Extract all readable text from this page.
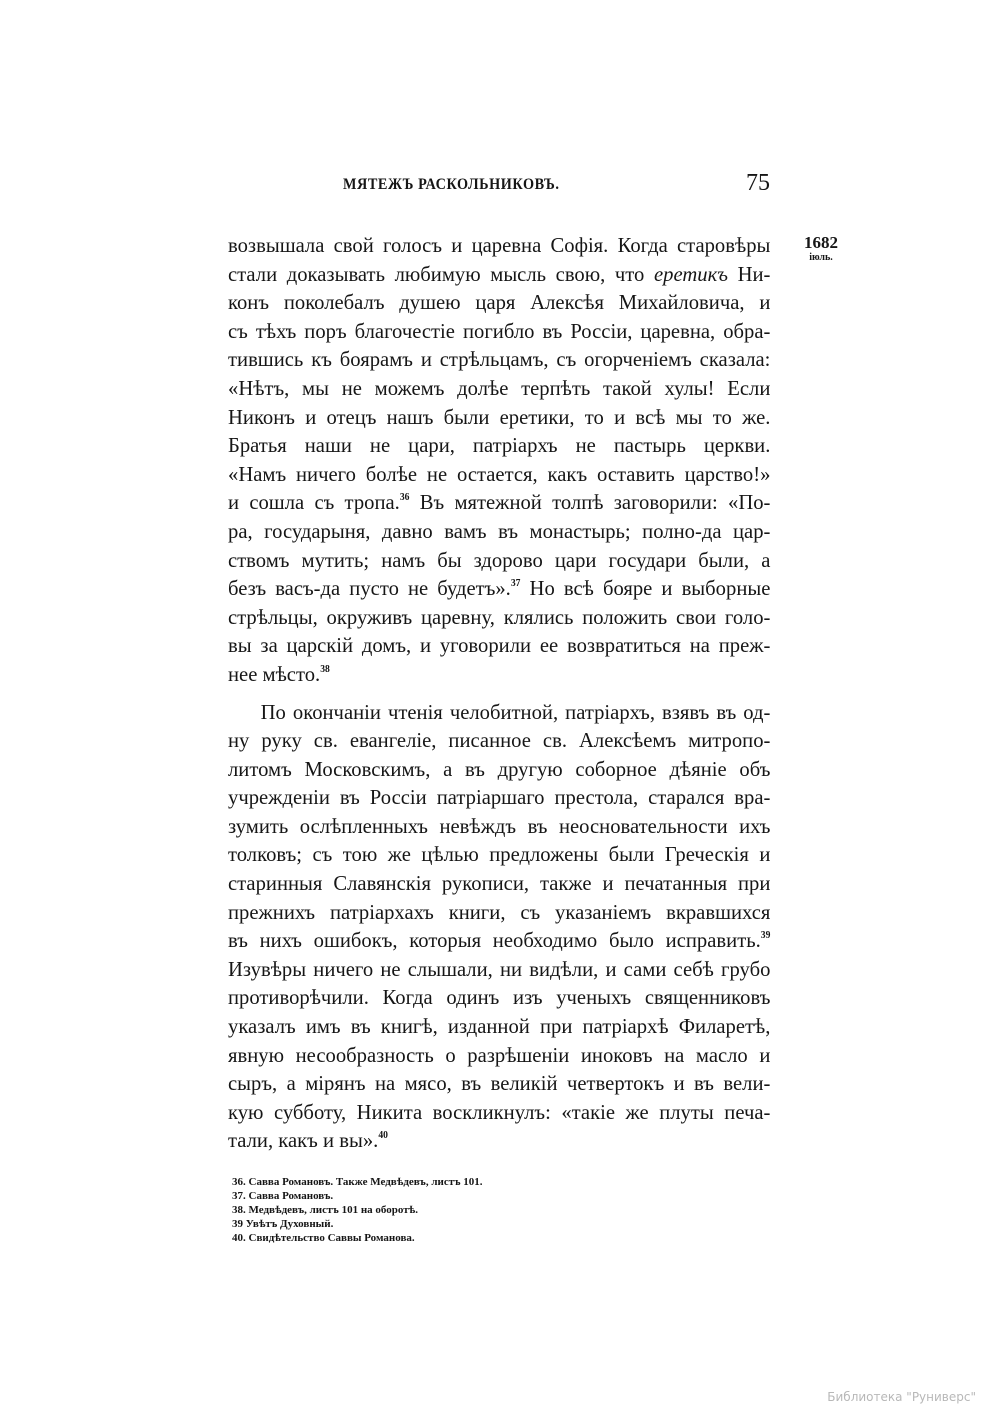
МЯТЕЖЪ РАСКОЛЬНИКОВЪ.	75
1682
іюль.
возвышала свой голосъ и царевна Софія. Когда старовѣры
стали доказывать любимую мысль свою, что еретикъ Ни-
конъ поколебалъ душею царя Алексѣя Михайловича, и
съ тѣхъ поръ благочестіе погибло въ Россіи, царевна, обра-
тившись къ боярамъ и стрѣльцамъ, съ огорченіемъ сказала:
«Нѣтъ, мы не можемъ долѣе терпѣть такой хулы! Если
Никонъ и отецъ нашъ были еретики, то и всѣ мы то же.
Братья наши не цари, патріархъ не пастырь церкви.
«Намъ ничего болѣе не остается, какъ оставить царство!»
и сошла съ тропа.$^{36}$ Въ мятежной толпѣ заговорили: «По-
ра, государыня, давно вамъ въ монастырь; полно-да цар-
ствомъ мутить; намъ бы здорово цари государи были, а
безъ васъ-да пусто не будетъ».$^{37}$ Но всѣ бояре и выборные
стрѣльцы, окруживъ царевну, клялись положить свои голо-
вы за царскій домъ, и уговорили ее возвратиться на преж-
нее мѣсто.$^{38}$
По окончаніи чтенія челобитной, патріархъ, взявъ въ од-
ну руку св. евангеліе, писанное св. Алексѣемъ митропо-
литомъ Московскимъ, а въ другую соборное дѣяніе объ
учрежденіи въ Россіи патріаршаго престола, старался вра-
зумить ослѣпленныхъ невѣждъ въ неосновательности ихъ
толковъ; съ тою же цѣлью предложены были Греческія и
старинныя Славянскія рукописи, также и печатанныя при
прежнихъ патріархахъ книги, съ указаніемъ вкравшихся
въ нихъ ошибокъ, которыя необходимо было исправить.$^{39}$
Изувѣры ничего не слышали, ни видѣли, и сами себѣ грубо
противорѣчили. Когда одинъ изъ ученыхъ священниковъ
указалъ имъ въ книгѣ, изданной при патріархѣ Филаретѣ,
явную несообразность о разрѣшеніи иноковъ на масло и
сыръ, а мірянъ на мясо, въ великій четвертокъ и въ вели-
кую субботу, Никита воскликнулъ: «такіе же плуты печа-
тали, какъ и вы».$^{40}$
36. Савва Романовъ. Также Медвѣдевъ, листъ 101.
37. Савва Романовъ.
38. Медвѣдевъ, листъ 101 на оборотѣ.
39 Увѣтъ Духовный.
40. Свидѣтельство Саввы Романова.
Библиотека "Руниверс"
